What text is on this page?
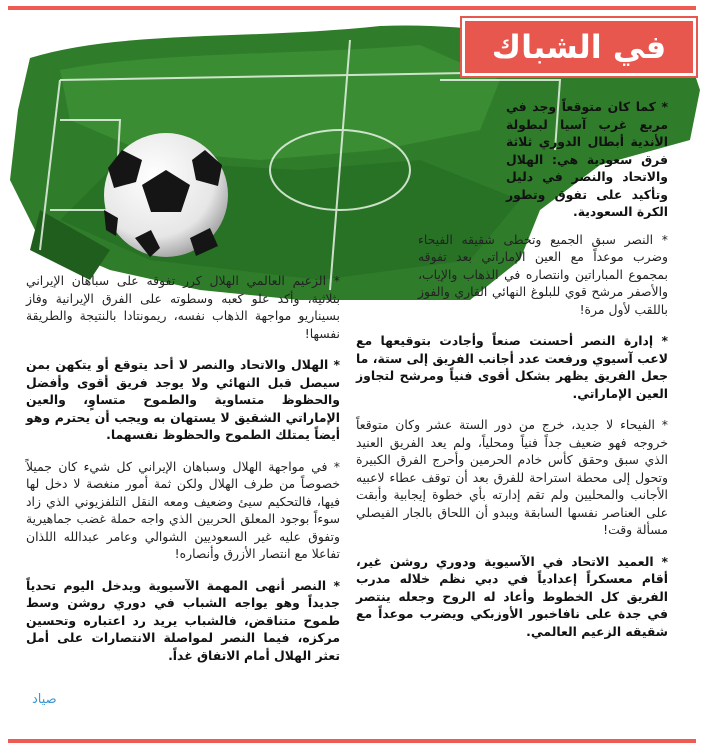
في الشباك

* كما كان متوقعاً وجد في مربع غرب آسيا لبطولة الأندية أبطال الدوري ثلاثة فرق سعودية هي: الهلال والاتحاد والنصر في دليل وتأكيد على تفوق وتطور الكرة السعودية.

* النصر سبق الجميع وتخطى شقيقه الفيحاء وضرب موعداً مع العين الإماراتي بعد تفوقه بمجموع المباراتين وانتصاره في الذهاب والإياب، والأصفر مرشح قوي للبلوغ النهائي القاري والفوز باللقب لأول مرة!

* إدارة النصر أحسنت صنعاً وأجادت بتوقيعها مع لاعب آسيوي ورفعت عدد أجانب الفريق إلى ستة، ما جعل الفريق يظهر بشكل أقوى فنياً ومرشح لتجاوز العين الإماراتي.

* الفيحاء لا جديد، خرج من دور الستة عشر وكان متوقعاً خروجه فهو ضعيف جداً فنياً ومحلياً، ولم يعد الفريق العنيد الذي سبق وحقق كأس خادم الحرمين وأحرج الفرق الكبيرة وتحول إلى محطة استراحة للفرق بعد أن توقف عطاء لاعبيه الأجانب والمحليين ولم تقم إدارته بأي خطوة إيجابية وأبقت على العناصر نفسها السابقة ويبدو أن اللحاق بالجار الفيصلي مسألة وقت!

* العميد الاتحاد في الآسيوية ودوري روشن غير، أقام معسكراً إعدادياً في دبي نظم خلاله مدرب الفريق كل الخطوط وأعاد له الروح وجعله ينتصر في جدة على نافاخبور الأوزبكي ويضرب موعداً مع شقيقه الزعيم العالمي.

* الزعيم العالمي الهلال كرر تفوقه على سباهان الإيراني بثلاثية، وأكد علو كعبه وسطوته على الفرق الإيرانية وفاز بسيناريو مواجهة الذهاب نفسه، ريمونتادا بالنتيجة والطريقة نفسها!

* الهلال والاتحاد والنصر لا أحد يتوقع أو يتكهن بمن سيصل قبل النهائي ولا يوجد فريق أقوى وأفضل والحظوظ متساوية والطموح متساوٍ، والعين الإماراتي الشقيق لا يستهان به ويجب أن يحترم وهو أيضاً يمتلك الطموح والحظوظ نفسهما.

* في مواجهة الهلال وسباهان الإيراني كل شيء كان جميلاً خصوصاً من طرف الهلال ولكن ثمة أمور منغصة لا دخل لها فيها، فالتحكيم سيئ وضعيف ومعه النقل التلفزيوني الذي زاد سوءاً بوجود المعلق الحربين الذي واجه حملة غضب جماهيرية وتفوق عليه غير السعوديين الشوالي وعامر عبدالله اللذان تفاعلا مع انتصار الأزرق وأنصاره!

* النصر أنهى المهمة الآسيوية ويدخل اليوم تحدياً جديداً وهو يواجه الشباب في دوري روشن وسط طموح متناقض، فالشباب يريد رد اعتباره وتحسين مركزه، فيما النصر لمواصلة الانتصارات على أمل تعثر الهلال أمام الاتفاق غداً.

صياد
